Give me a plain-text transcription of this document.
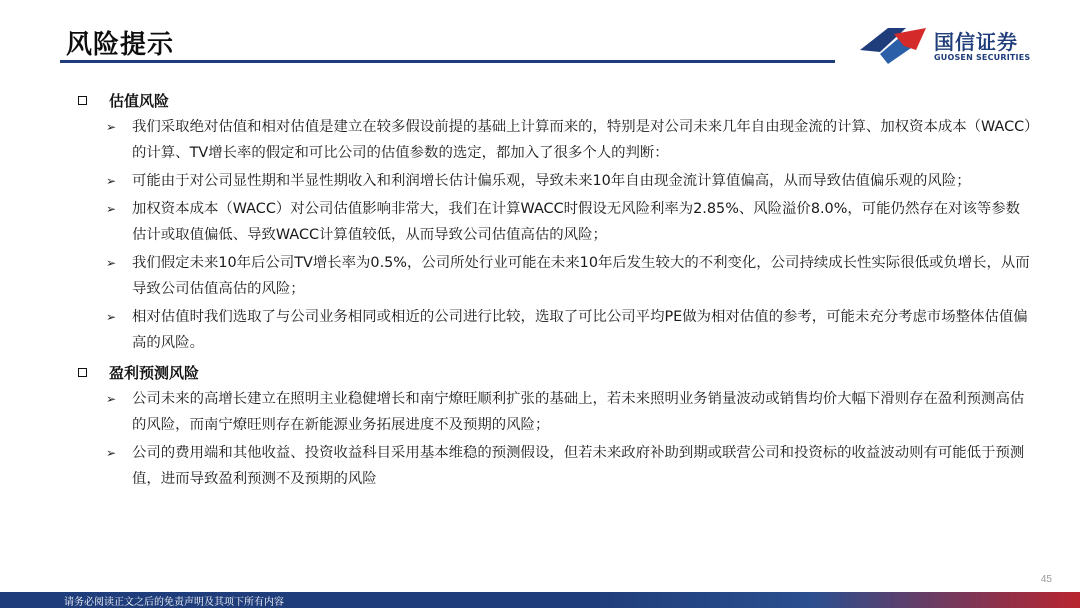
风险提示	国信证券
GUOSEN SECURITIES
估值风险
➢	我们采取绝对估值和相对估值是建立在较多假设前提的基础上计算而来的，特别是对公司未来几年自由现金流的计算、加权资本成本（WACC）的计算、TV增长率的假定和可比公司的估值参数的选定，都加入了很多个人的判断：
➢	可能由于对公司显性期和半显性期收入和利润增长估计偏乐观，导致未来10年自由现金流计算值偏高，从而导致估值偏乐观的风险；
➢	加权资本成本（WACC）对公司估值影响非常大，我们在计算WACC时假设无风险利率为2.85%、风险溢价8.0%，可能仍然存在对该等参数估计或取值偏低、导致WACC计算值较低，从而导致公司估值高估的风险；
➢	我们假定未来10年后公司TV增长率为0.5%，公司所处行业可能在未来10年后发生较大的不利变化，公司持续成长性实际很低或负增长，从而导致公司估值高估的风险；
➢	相对估值时我们选取了与公司业务相同或相近的公司进行比较，选取了可比公司平均PE做为相对估值的参考，可能未充分考虑市场整体估值偏高的风险。
盈利预测风险
➢	公司未来的高增长建立在照明主业稳健增长和南宁燎旺顺利扩张的基础上，若未来照明业务销量波动或销售均价大幅下滑则存在盈利预测高估的风险，而南宁燎旺则存在新能源业务拓展进度不及预期的风险；
➢	公司的费用端和其他收益、投资收益科目采用基本维稳的预测假设，但若未来政府补助到期或联营公司和投资标的收益波动则有可能低于预测值，进而导致盈利预测不及预期的风险
45
请务必阅读正文之后的免责声明及其项下所有内容
